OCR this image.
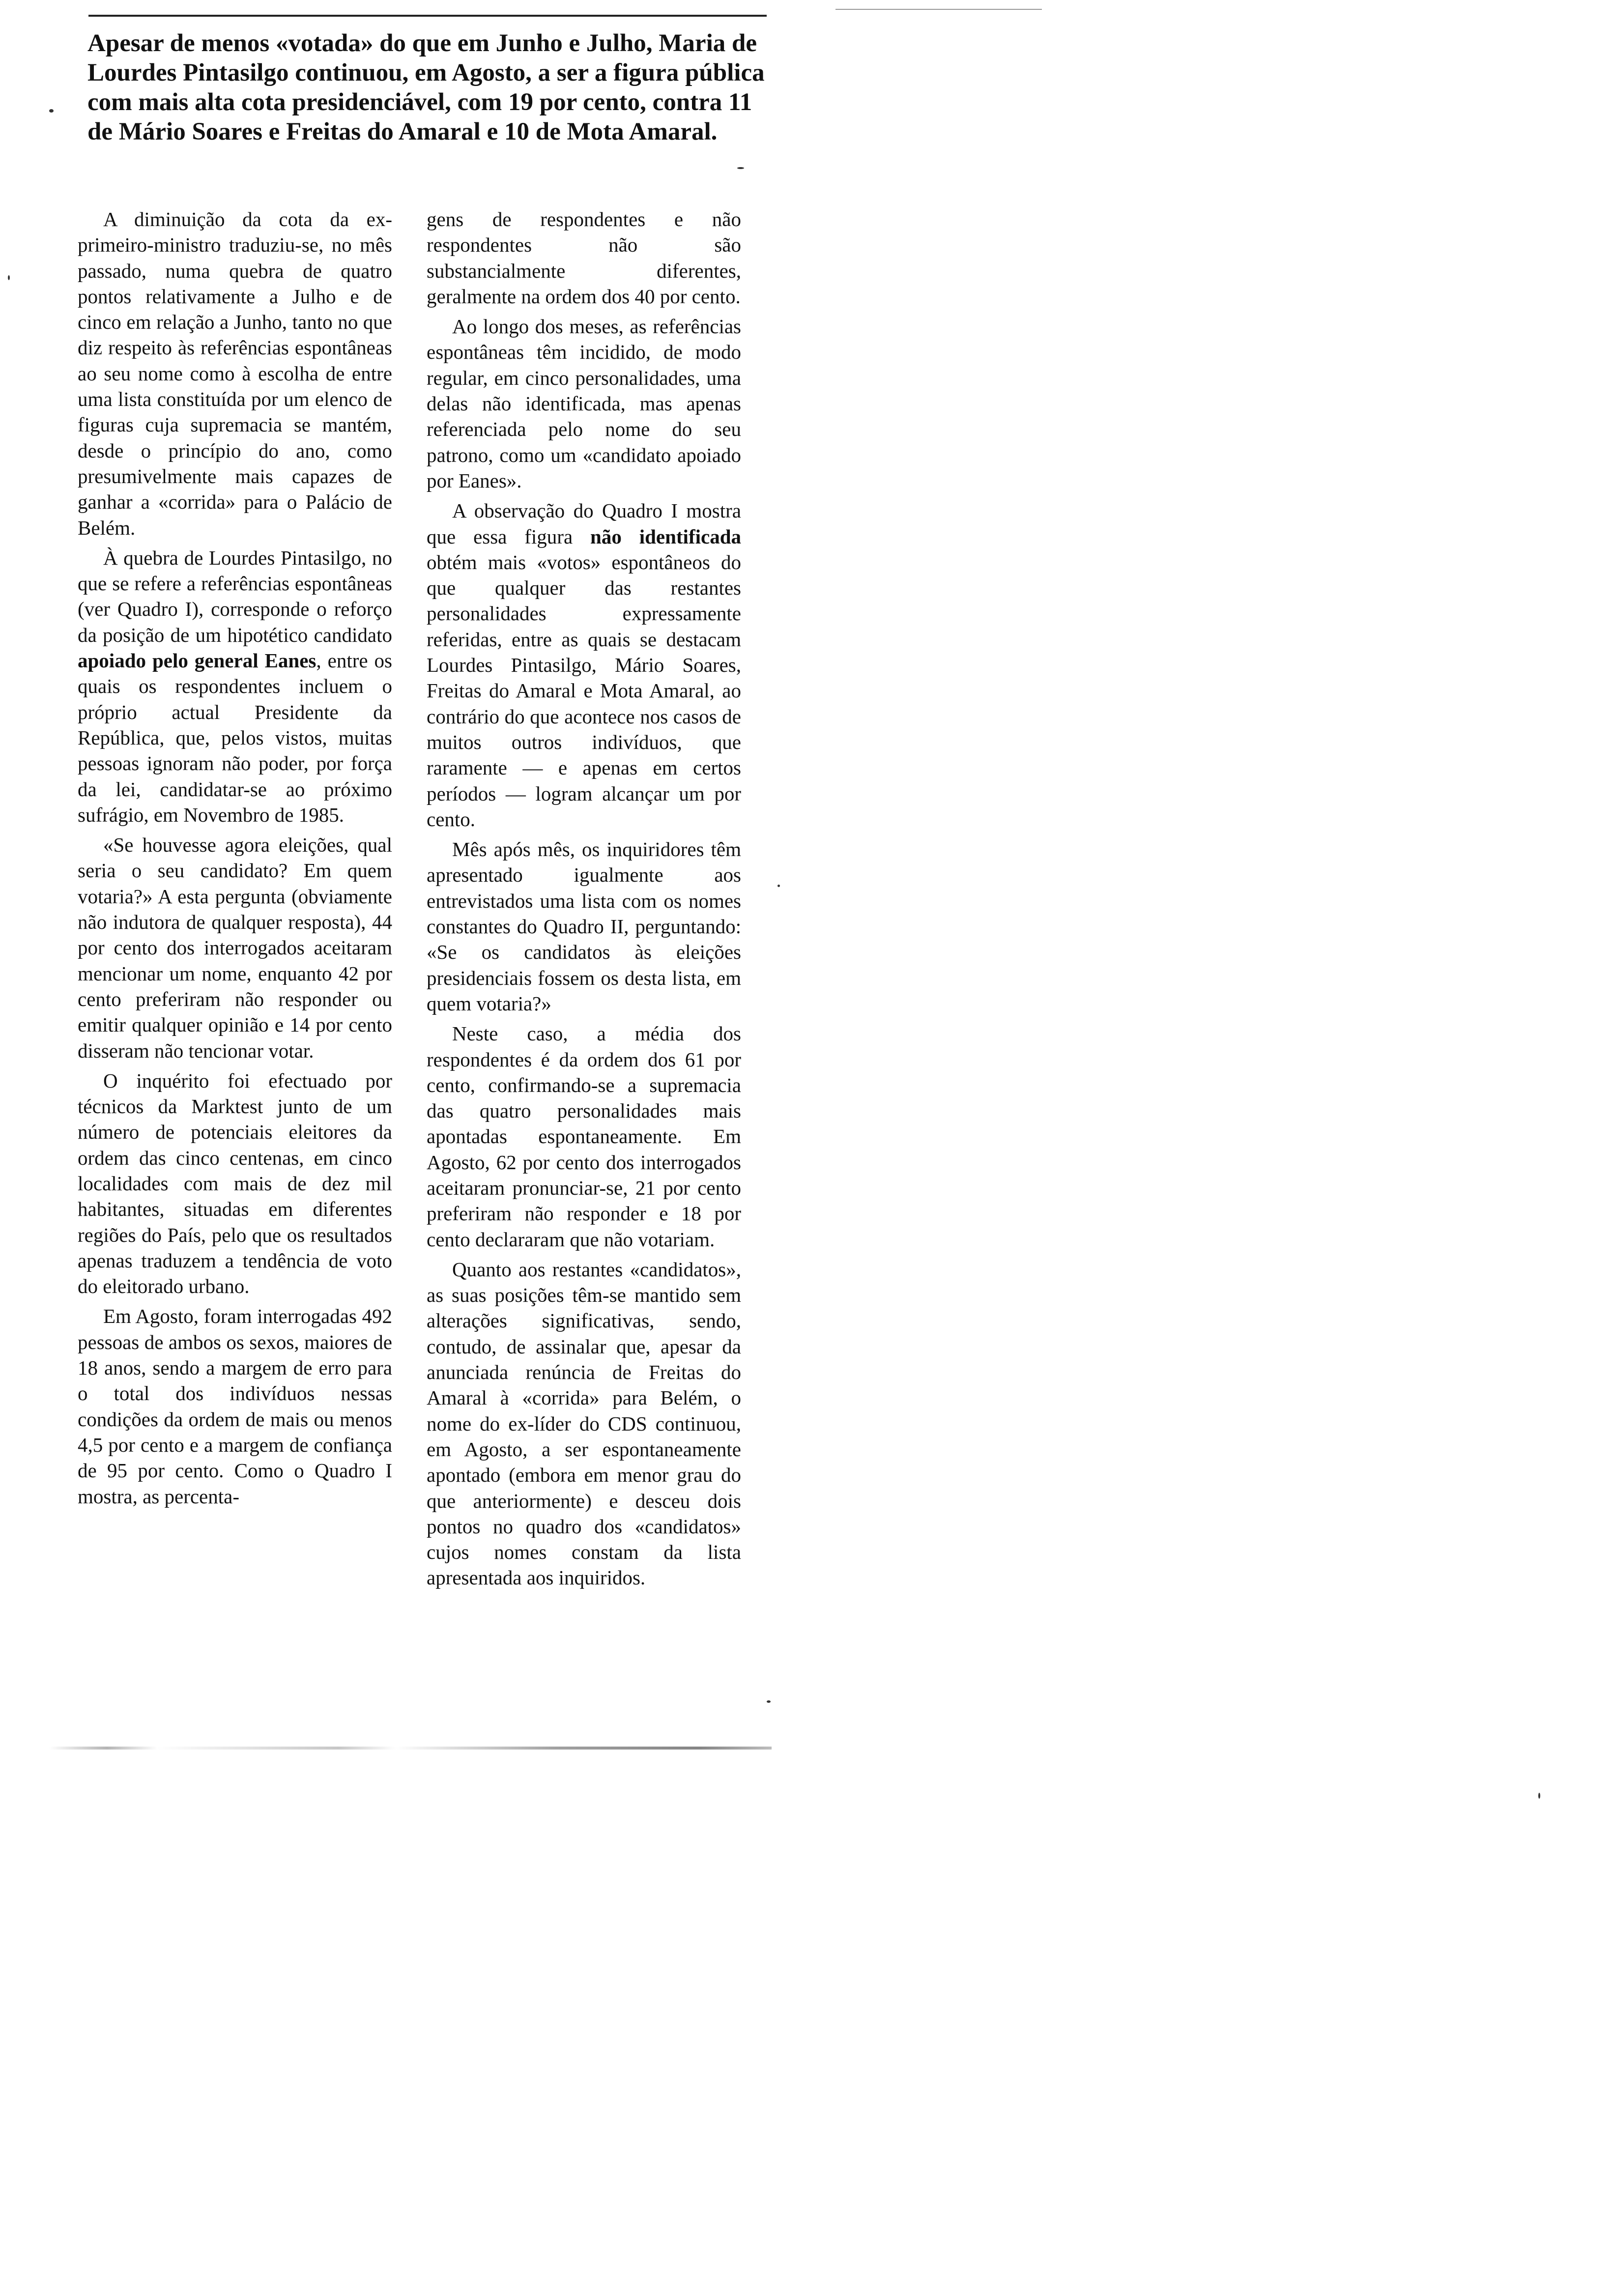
Apesar de menos «votada» do que em Junho e Julho, Maria de Lourdes Pintasilgo continuou, em Agosto, a ser a figura pública com mais alta cota presidenciável, com 19 por cento, contra 11 de Mário Soares e Freitas do Amaral e 10 de Mota Amaral.

A diminuição da cota da ex-primeiro-ministro traduziu-se, no mês passado, numa quebra de quatro pontos relativamente a Julho e de cinco em relação a Junho, tanto no que diz respeito às referências espontâneas ao seu nome como à escolha de entre uma lista constituída por um elenco de figuras cuja supremacia se mantém, desde o princípio do ano, como presumivelmente mais capazes de ganhar a «corrida» para o Palácio de Belém.

À quebra de Lourdes Pintasilgo, no que se refere a referências espontâneas (ver Quadro I), corresponde o reforço da posição de um hipotético candidato apoiado pelo general Eanes, entre os quais os respondentes incluem o próprio actual Presidente da República, que, pelos vistos, muitas pessoas ignoram não poder, por força da lei, candidatar-se ao próximo sufrágio, em Novembro de 1985.

«Se houvesse agora eleições, qual seria o seu candidato? Em quem votaria?» A esta pergunta (obviamente não indutora de qualquer resposta), 44 por cento dos interrogados aceitaram mencionar um nome, enquanto 42 por cento preferiram não responder ou emitir qualquer opinião e 14 por cento disseram não tencionar votar.

O inquérito foi efectuado por técnicos da Marktest junto de um número de potenciais eleitores da ordem das cinco centenas, em cinco localidades com mais de dez mil habitantes, situadas em diferentes regiões do País, pelo que os resultados apenas traduzem a tendência de voto do eleitorado urbano.

Em Agosto, foram interrogadas 492 pessoas de ambos os sexos, maiores de 18 anos, sendo a margem de erro para o total dos indivíduos nessas condições da ordem de mais ou menos 4,5 por cento e a margem de confiança de 95 por cento. Como o Quadro I mostra, as percenta-

gens de respondentes e não respondentes não são substancialmente diferentes, geralmente na ordem dos 40 por cento.

Ao longo dos meses, as referências espontâneas têm incidido, de modo regular, em cinco personalidades, uma delas não identificada, mas apenas referenciada pelo nome do seu patrono, como um «candidato apoiado por Eanes».

A observação do Quadro I mostra que essa figura não identificada obtém mais «votos» espontâneos do que qualquer das restantes personalidades expressamente referidas, entre as quais se destacam Lourdes Pintasilgo, Mário Soares, Freitas do Amaral e Mota Amaral, ao contrário do que acontece nos casos de muitos outros indivíduos, que raramente — e apenas em certos períodos — logram alcançar um por cento.

Mês após mês, os inquiridores têm apresentado igualmente aos entrevistados uma lista com os nomes constantes do Quadro II, perguntando: «Se os candidatos às eleições presidenciais fossem os desta lista, em quem votaria?»

Neste caso, a média dos respondentes é da ordem dos 61 por cento, confirmando-se a supremacia das quatro personalidades mais apontadas espontaneamente. Em Agosto, 62 por cento dos interrogados aceitaram pronunciar-se, 21 por cento preferiram não responder e 18 por cento declararam que não votariam.

Quanto aos restantes «candidatos», as suas posições têm-se mantido sem alterações significativas, sendo, contudo, de assinalar que, apesar da anunciada renúncia de Freitas do Amaral à «corrida» para Belém, o nome do ex-líder do CDS continuou, em Agosto, a ser espontaneamente apontado (embora em menor grau do que anteriormente) e desceu dois pontos no quadro dos «candidatos» cujos nomes constam da lista apresentada aos inquiridos.
